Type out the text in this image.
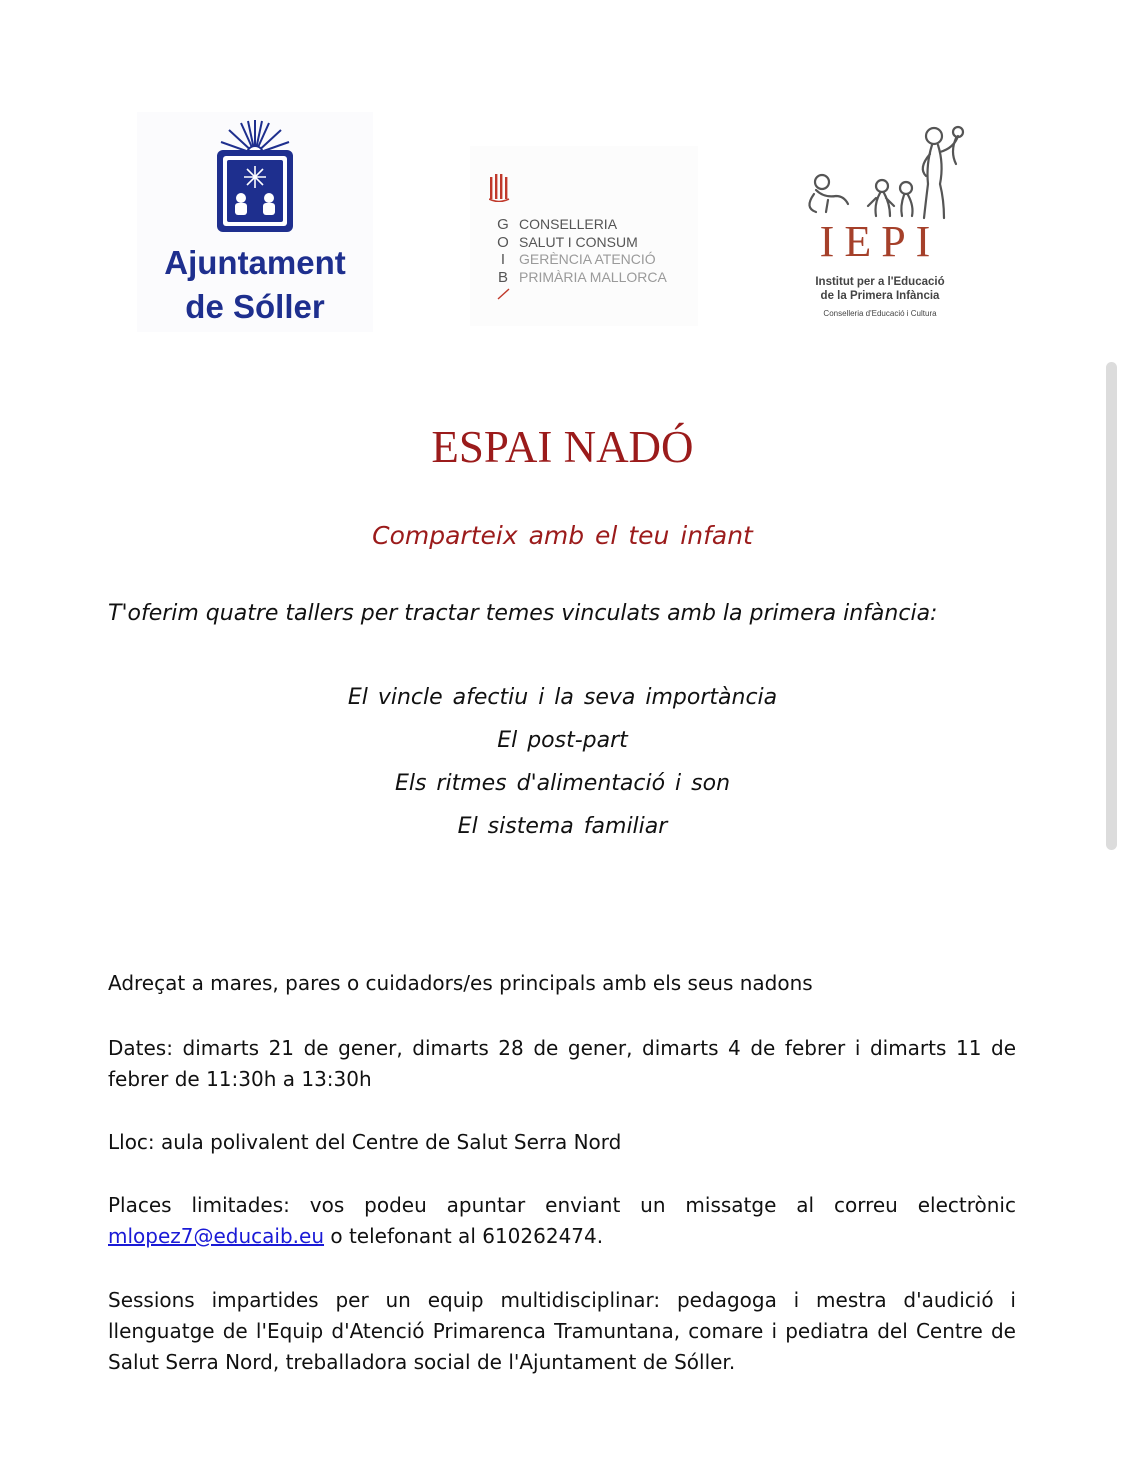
Ajuntament
de Sóller
G
O
I
B
CONSELLERIA
SALUT I CONSUM
GERÈNCIA ATENCIÓ
PRIMÀRIA MALLORCA
IEPI
Institut per a l'Educació
de la Primera Infància
Conselleria d'Educació i Cultura
ESPAI NADÓ
Comparteix amb el teu infant
T'oferim quatre tallers per tractar temes vinculats amb la primera infància:
El vincle afectiu i la seva importància
El post-part
Els ritmes d'alimentació i son
El sistema familiar
Adreçat a mares, pares o cuidadors/es principals amb els seus nadons
Dates: dimarts 21 de gener, dimarts 28 de gener, dimarts 4 de febrer i dimarts 11 de febrer de 11:30h a 13:30h
Lloc: aula polivalent del Centre de Salut Serra Nord
Places limitades: vos podeu apuntar enviant un missatge al correu electrònic mlopez7@educaib.eu o telefonant al 610262474.
Sessions impartides per un equip multidisciplinar: pedagoga i mestra d'audició i llenguatge de l'Equip d'Atenció Primarenca Tramuntana, comare i pediatra del Centre de Salut Serra Nord, treballadora social de l'Ajuntament de Sóller.
